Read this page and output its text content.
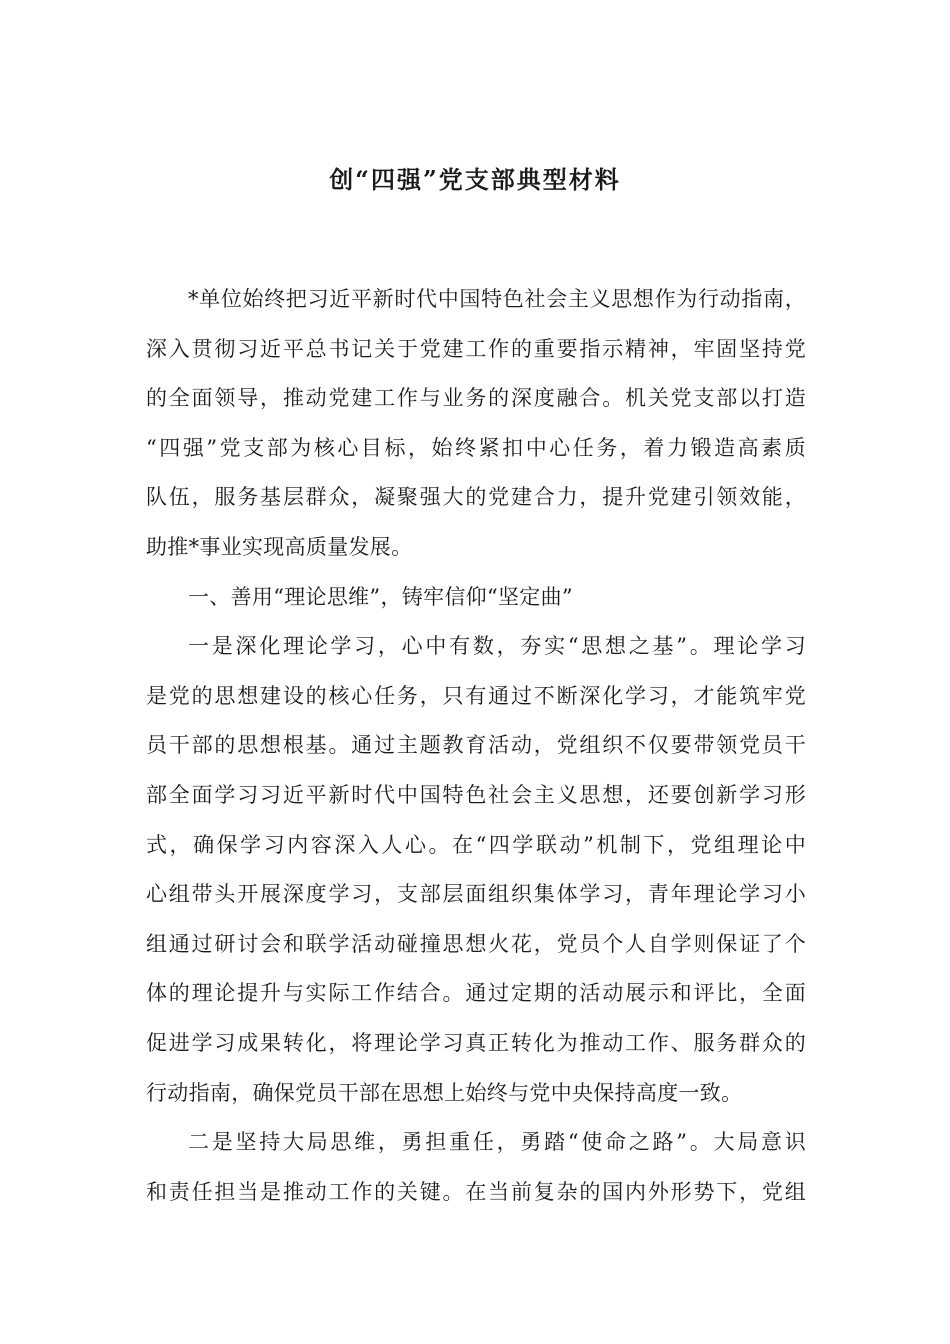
创“四强”党支部典型材料
*单位始终把习近平新时代中国特色社会主义思想作为行动指南，
深入贯彻习近平总书记关于党建工作的重要指示精神，牢固坚持党
的全面领导，推动党建工作与业务的深度融合。机关党支部以打造
“四强”党支部为核心目标，始终紧扣中心任务，着力锻造高素质
队伍，服务基层群众，凝聚强大的党建合力，提升党建引领效能，
助推*事业实现高质量发展。
一、善用“理论思维”，铸牢信仰“坚定曲”
一是深化理论学习，心中有数，夯实“思想之基”。理论学习
是党的思想建设的核心任务，只有通过不断深化学习，才能筑牢党
员干部的思想根基。通过主题教育活动，党组织不仅要带领党员干
部全面学习习近平新时代中国特色社会主义思想，还要创新学习形
式，确保学习内容深入人心。在“四学联动”机制下，党组理论中
心组带头开展深度学习，支部层面组织集体学习，青年理论学习小
组通过研讨会和联学活动碰撞思想火花，党员个人自学则保证了个
体的理论提升与实际工作结合。通过定期的活动展示和评比，全面
促进学习成果转化，将理论学习真正转化为推动工作、服务群众的
行动指南，确保党员干部在思想上始终与党中央保持高度一致。
二是坚持大局思维，勇担重任，勇踏“使命之路”。大局意识
和责任担当是推动工作的关键。在当前复杂的国内外形势下，党组
